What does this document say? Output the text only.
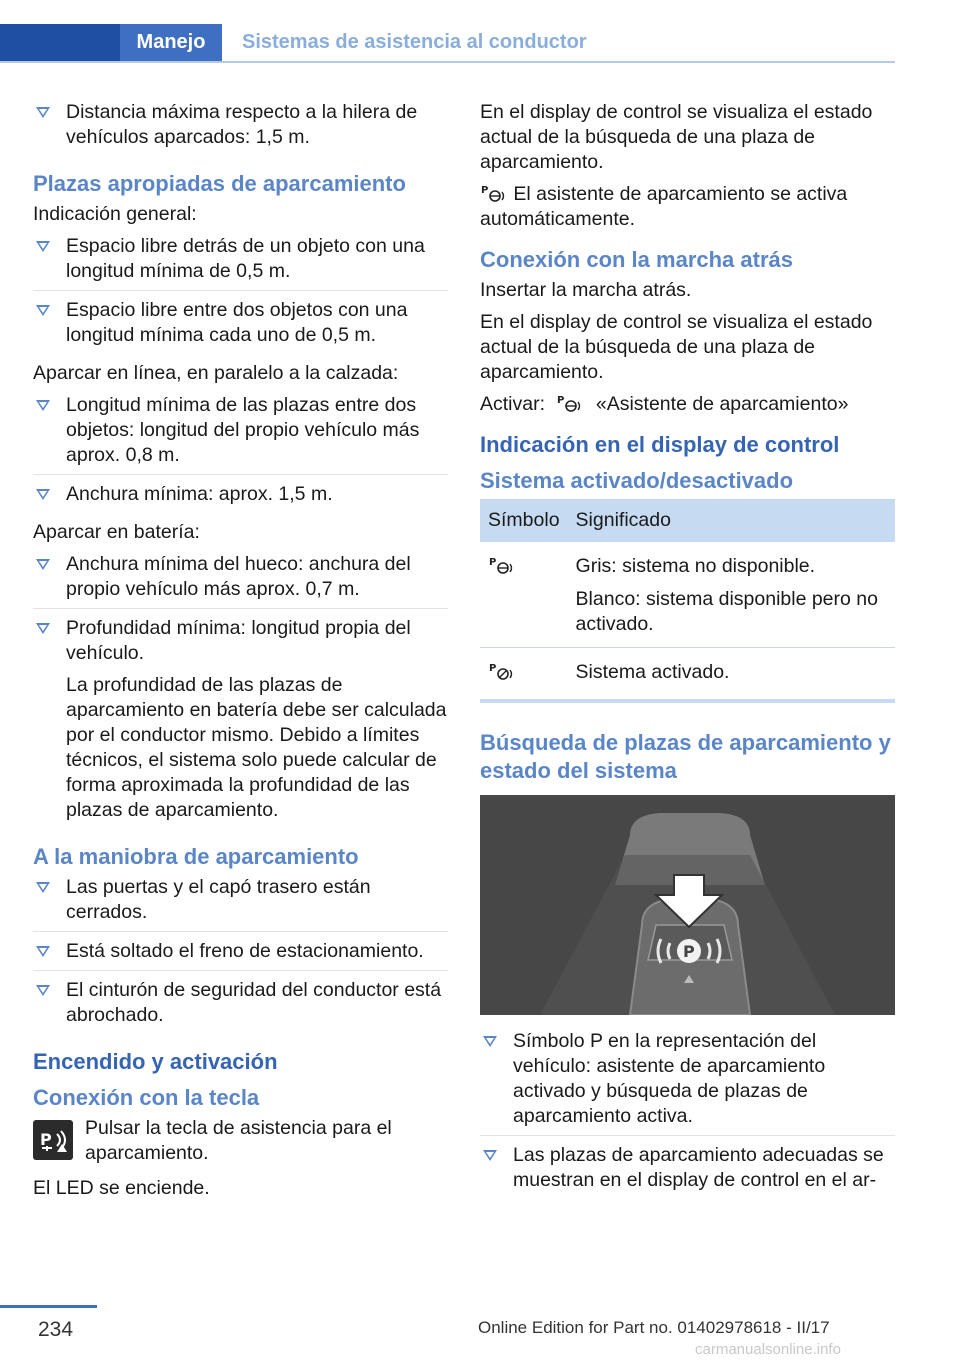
Manejo	Sistemas de asistencia al conductor
Distancia máxima respecto a la hilera de vehículos aparcados: 1,5 m.
Plazas apropiadas de aparcamiento

Indicación general:

Espacio libre detrás de un objeto con una longitud mínima de 0,5 m.
Espacio libre entre dos objetos con una longitud mínima cada uno de 0,5 m.

Aparcar en línea, en paralelo a la calzada:

Longitud mínima de las plazas entre dos objetos: longitud del propio vehículo más aprox. 0,8 m.
Anchura mínima: aprox. 1,5 m.

Aparcar en batería:

Anchura mínima del hueco: anchura del propio vehículo más aprox. 0,7 m.
Profundidad mínima: longitud propia del vehículo.
La profundidad de las plazas de aparcamiento en batería debe ser calculada por el conductor mismo. Debido a límites técnicos, el sistema solo puede calcular de forma aproximada la profundidad de las plazas de aparcamiento.
A la maniobra de aparcamiento
Las puertas y el capó trasero están cerrados.
Está soltado el freno de estacionamiento.
El cinturón de seguridad del conductor está abrochado.
Encendido y activación
Conexión con la tecla
P
Pulsar la tecla de asistencia para el aparcamiento.

El LED se enciende.

En el display de control se visualiza el estado actual de la búsqueda de una plaza de aparcamiento.

P El asistente de aparcamiento se activa automáticamente.

Conexión con la marcha atrás

Insertar la marcha atrás.

En el display de control se visualiza el estado actual de la búsqueda de una plaza de aparcamiento.

Activar: P «Asistente de aparcamiento»

Indicación en el display de control
Sistema activado/desactivado
Símbolo	Significado

P	Gris: sistema no disponible.

Blanco: sistema disponible pero no activado.

P	Sistema activado.
Búsqueda de plazas de aparcamiento y estado del sistema
P
Símbolo P en la representación del vehículo: asistente de aparcamiento activado y búsqueda de plazas de aparcamiento activa.
Las plazas de aparcamiento adecuadas se muestran en el display de control en el ar-
234	Online Edition for Part no. 01402978618 - II/17
carmanualsonline.info
